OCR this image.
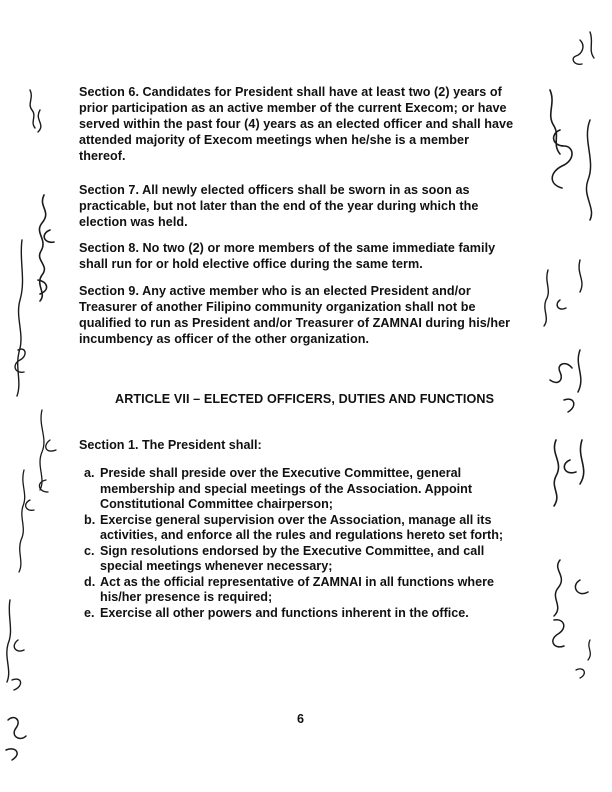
Section 6. Candidates for President shall have at least two (2) years of prior participation as an active member of the current Execom; or have served within the past four (4) years as an elected officer and shall have attended majority of Execom meetings when he/she is a member thereof.
Section 7. All newly elected officers shall be sworn in as soon as practicable, but not later than the end of the year during which the election was held.
Section 8. No two (2) or more members of the same immediate family shall run for or hold elective office during the same term.
Section 9. Any active member who is an elected President and/or Treasurer of another Filipino community organization shall not be qualified to run as President and/or Treasurer of ZAMNAI during his/her incumbency as officer of the other organization.
ARTICLE VII – ELECTED OFFICERS, DUTIES AND FUNCTIONS
Section 1. The President shall:
a. Preside shall preside over the Executive Committee, general membership and special meetings of the Association. Appoint Constitutional Committee chairperson;
b. Exercise general supervision over the Association, manage all its activities, and enforce all the rules and regulations hereto set forth;
c. Sign resolutions endorsed by the Executive Committee, and call special meetings whenever necessary;
d. Act as the official representative of ZAMNAI in all functions where his/her presence is required;
e. Exercise all other powers and functions inherent in the office.
6
